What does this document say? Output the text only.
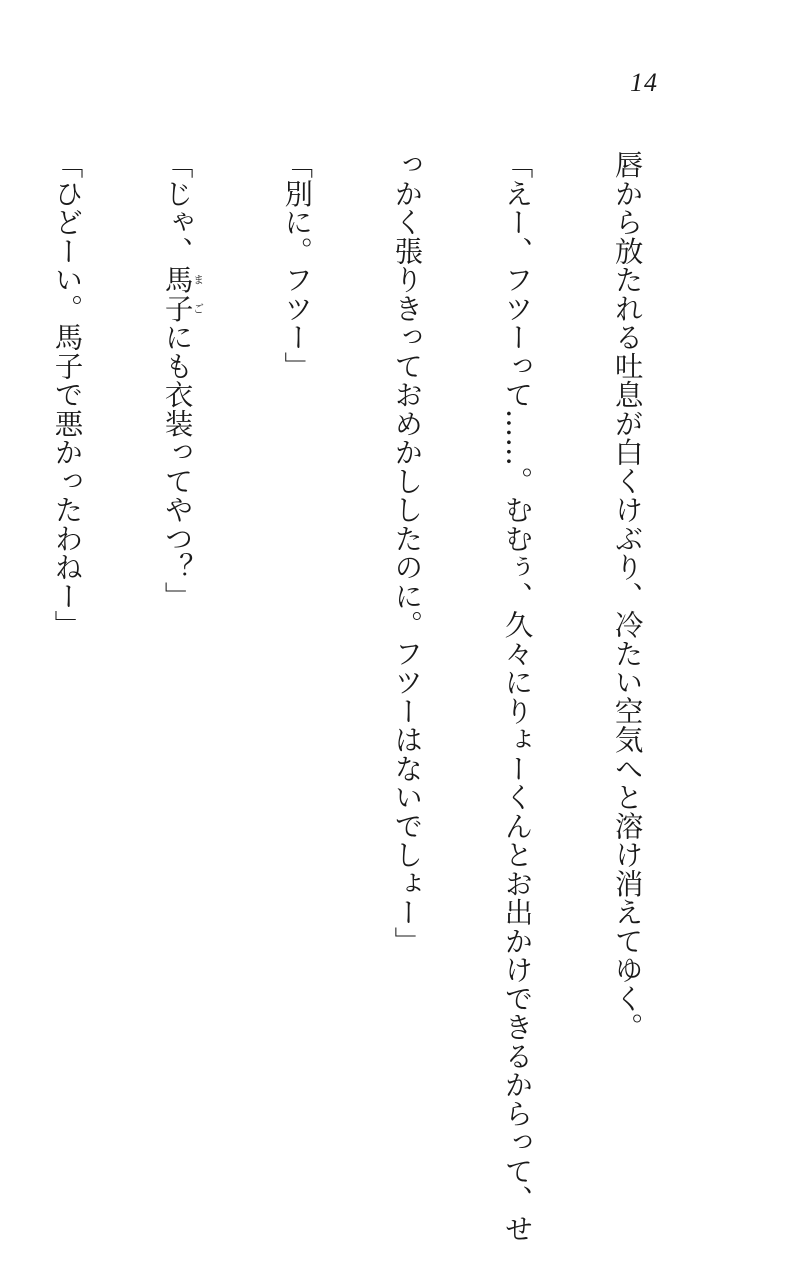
14

唇から放たれる吐息が白くけぶり、冷たい空気へと溶け消えてゆく。

「えー、フツーって……。むむぅ、久々にりょーくんとお出かけできるからって、せ

っかく張りきっておめかししたのに。フツーはないでしょー」

「別に。フツー」

「じゃ、馬子まごにも衣装ってやつ？」

「ひどーい。馬子で悪かったわねー」
